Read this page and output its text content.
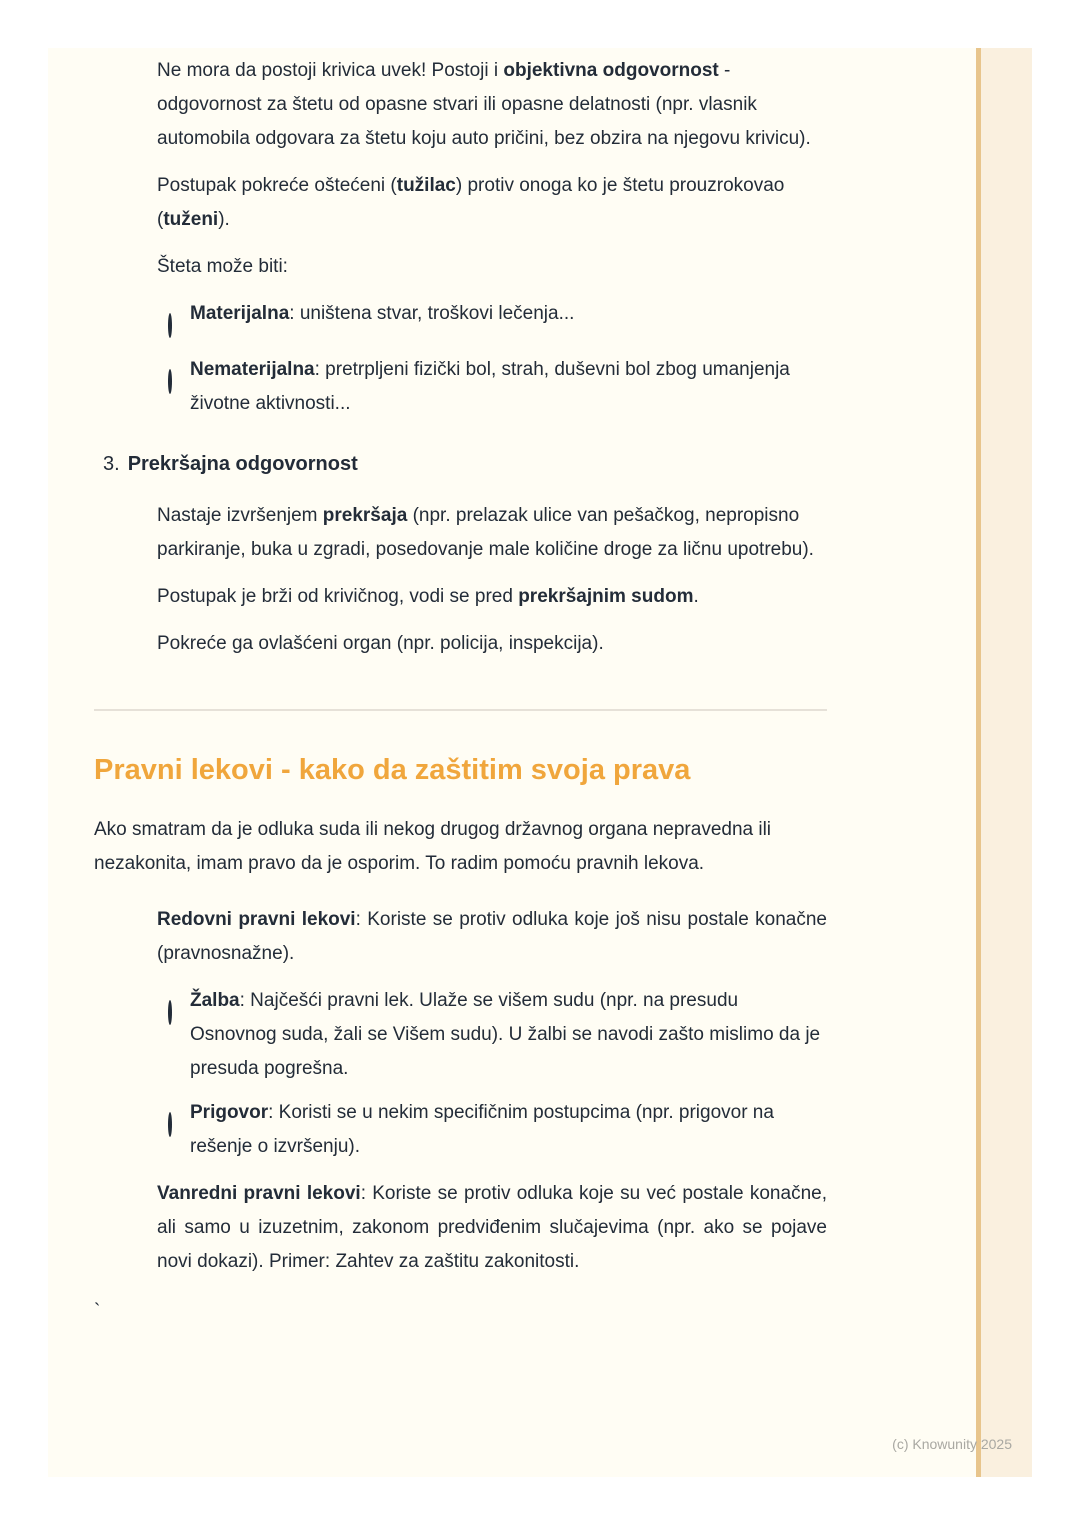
Ne mora da postoji krivica uvek! Postoji i objektivna odgovornost - odgovornost za štetu od opasne stvari ili opasne delatnosti (npr. vlasnik automobila odgovara za štetu koju auto pričini, bez obzira na njegovu krivicu).
Postupak pokreće oštećeni (tužilac) protiv onoga ko je štetu prouzrokovao (tuženi).
Šteta može biti:
Materijalna: uništena stvar, troškovi lečenja...
Nematerijalna: pretrpljeni fizički bol, strah, duševni bol zbog umanjenja životne aktivnosti...
3. Prekršajna odgovornost
Nastaje izvršenjem prekršaja (npr. prelazak ulice van pešačkog, nepropisno parkiranje, buka u zgradi, posedovanje male količine droge za ličnu upotrebu).
Postupak je brži od krivičnog, vodi se pred prekršajnim sudom.
Pokreće ga ovlašćeni organ (npr. policija, inspekcija).
Pravni lekovi - kako da zaštitim svoja prava

Ako smatram da je odluka suda ili nekog drugog državnog organa nepravedna ili nezakonita, imam pravo da je osporim. To radim pomoću pravnih lekova.

Redovni pravni lekovi: Koriste se protiv odluka koje još nisu postale konačne (pravnosnažne).
Žalba: Najčešći pravni lek. Ulaže se višem sudu (npr. na presudu Osnovnog suda, žali se Višem sudu). U žalbi se navodi zašto mislimo da je presuda pogrešna.
Prigovor: Koristi se u nekim specifičnim postupcima (npr. prigovor na rešenje o izvršenju).
Vanredni pravni lekovi: Koriste se protiv odluka koje su već postale konačne, ali samo u izuzetnim, zakonom predviđenim slučajevima (npr. ako se pojave novi dokazi). Primer: Zahtev za zaštitu zakonitosti.

`

(c) Knowunity 2025
